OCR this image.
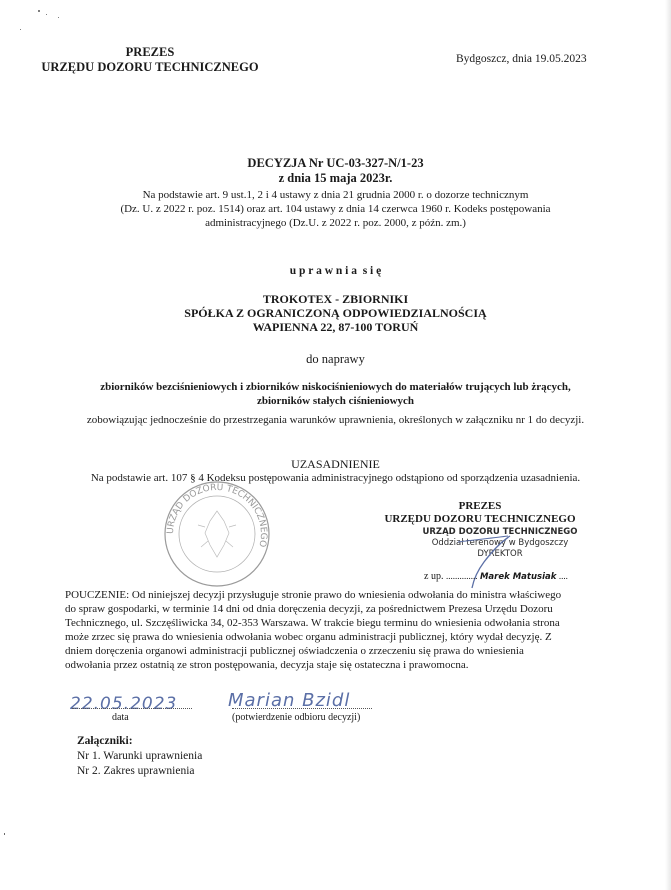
PREZES
URZĘDU DOZORU TECHNICZNEGO
Bydgoszcz, dnia 19.05.2023
DECYZJA Nr UC-03-327-N/1-23
z dnia 15 maja 2023r.
Na podstawie art. 9 ust.1, 2 i 4 ustawy z dnia 21 grudnia 2000 r. o dozorze technicznym
(Dz. U. z 2022 r. poz. 1514) oraz art. 104 ustawy z dnia 14 czerwca 1960 r. Kodeks postępowania
administracyjnego (Dz.U. z 2022 r. poz. 2000, z późn. zm.)
u p r a w n i a  s i ę
TROKOTEX - ZBIORNIKI
SPÓŁKA Z OGRANICZONĄ ODPOWIEDZIALNOŚCIĄ
WAPIENNA 22, 87-100 TORUŃ
do naprawy
zbiorników bezciśnieniowych i zbiorników niskociśnieniowych do materiałów trujących lub żrących,
zbiorników stałych ciśnieniowych
zobowiązując jednocześnie do przestrzegania warunków uprawnienia, określonych w załączniku nr 1 do decyzji.
UZASADNIENIE
Na podstawie art. 107 § 4 Kodeksu postępowania administracyjnego odstąpiono od sporządzenia uzasadnienia.
URZĄD DOZORU TECHNICZNEGO
PREZES
URZĘDU DOZORU TECHNICZNEGO
URZĄD DOZORU TECHNICZNEGO
Oddział terenowy w Bydgoszczy
DYREKTOR
z up. .............. Marek Matusiak ....
POUCZENIE: Od niniejszej decyzji przysługuje stronie prawo do wniesienia odwołania do ministra właściwego
do spraw gospodarki, w terminie 14 dni od dnia doręczenia decyzji, za pośrednictwem Prezesa Urzędu Dozoru
Technicznego, ul. Szczęśliwicka 34, 02-353 Warszawa. W trakcie biegu terminu do wniesienia odwołania strona
może zrzec się prawa do wniesienia odwołania wobec organu administracji publicznej, który wydał decyzję. Z
dniem doręczenia organowi administracji publicznej oświadczenia o zrzeczeniu się prawa do wniesienia
odwołania przez ostatnią ze stron postępowania, decyzja staje się ostateczna i prawomocna.
22.05.2023
data
Marian Bzidl
(potwierdzenie odbioru decyzji)
Załączniki:
Nr 1. Warunki uprawnienia
Nr 2. Zakres uprawnienia
